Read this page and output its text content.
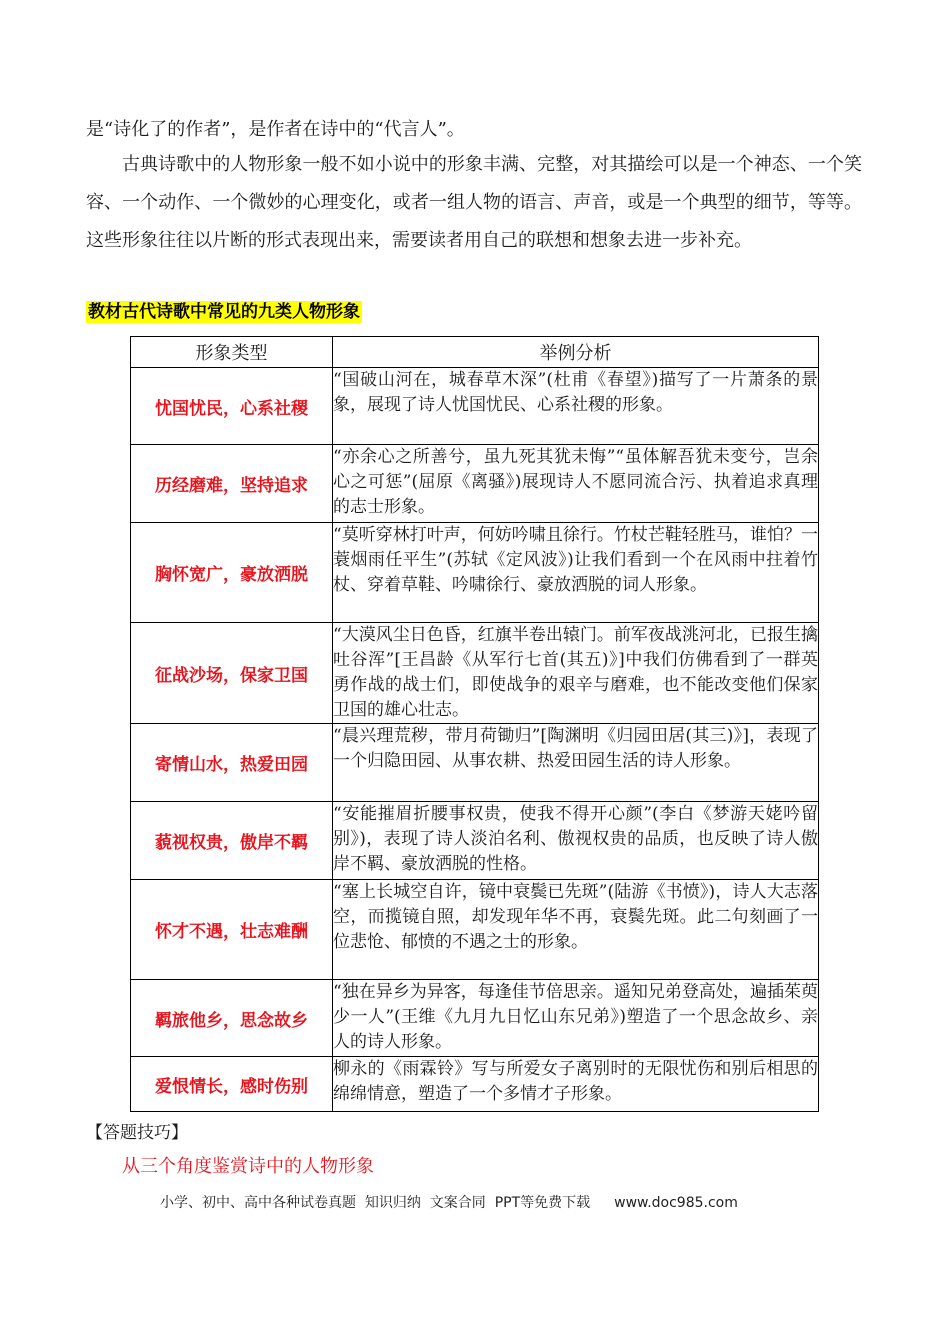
是“诗化了的作者”，是作者在诗中的“代言人”。

古典诗歌中的人物形象一般不如小说中的形象丰满、完整，对其描绘可以是一个神态、一个笑容、一个动作、一个微妙的心理变化，或者一组人物的语言、声音，或是一个典型的细节，等等。这些形象往往以片断的形式表现出来，需要读者用自己的联想和想象去进一步补充。

教材古代诗歌中常见的九类人物形象
形象类型	举例分析
忧国忧民，心系社稷	“国破山河在，城春草木深”(杜甫《春望》)描写了一片萧条的景象，展现了诗人忧国忧民、心系社稷的形象。
历经磨难，坚持追求	“亦余心之所善兮，虽九死其犹未悔”“虽体解吾犹未变兮，岂余心之可惩”(屈原《离骚》)展现诗人不愿同流合污、执着追求真理的志士形象。
胸怀宽广，豪放洒脱	“莫听穿林打叶声，何妨吟啸且徐行。竹杖芒鞋轻胜马，谁怕？一蓑烟雨任平生”(苏轼《定风波》)让我们看到一个在风雨中拄着竹杖、穿着草鞋、吟啸徐行、豪放洒脱的词人形象。
征战沙场，保家卫国	“大漠风尘日色昏，红旗半卷出辕门。前军夜战洮河北，已报生擒吐谷浑”[王昌龄《从军行七首(其五)》]中我们仿佛看到了一群英勇作战的战士们，即使战争的艰辛与磨难，也不能改变他们保家卫国的雄心壮志。
寄情山水，热爱田园	“晨兴理荒秽，带月荷锄归”[陶渊明《归园田居(其三)》]，表现了一个归隐田园、从事农耕、热爱田园生活的诗人形象。
藐视权贵，傲岸不羁	“安能摧眉折腰事权贵，使我不得开心颜”(李白《梦游天姥吟留别》)，表现了诗人淡泊名利、傲视权贵的品质，也反映了诗人傲岸不羁、豪放洒脱的性格。
怀才不遇，壮志难酬	“塞上长城空自许，镜中衰鬓已先斑”(陆游《书愤》)，诗人大志落空，而揽镜自照，却发现年华不再，衰鬓先斑。此二句刻画了一位悲怆、郁愤的不遇之士的形象。
羁旅他乡，思念故乡	“独在异乡为异客，每逢佳节倍思亲。遥知兄弟登高处，遍插茱萸少一人”(王维《九月九日忆山东兄弟》)塑造了一个思念故乡、亲人的诗人形象。
爱恨情长，感时伤别	柳永的《雨霖铃》写与所爱女子离别时的无限忧伤和别后相思的绵绵情意，塑造了一个多情才子形象。
【答题技巧】
从三个角度鉴赏诗中的人物形象
小学、初中、高中各种试卷真题  知识归纳  文案合同  PPT等免费下载 www.doc985.com
